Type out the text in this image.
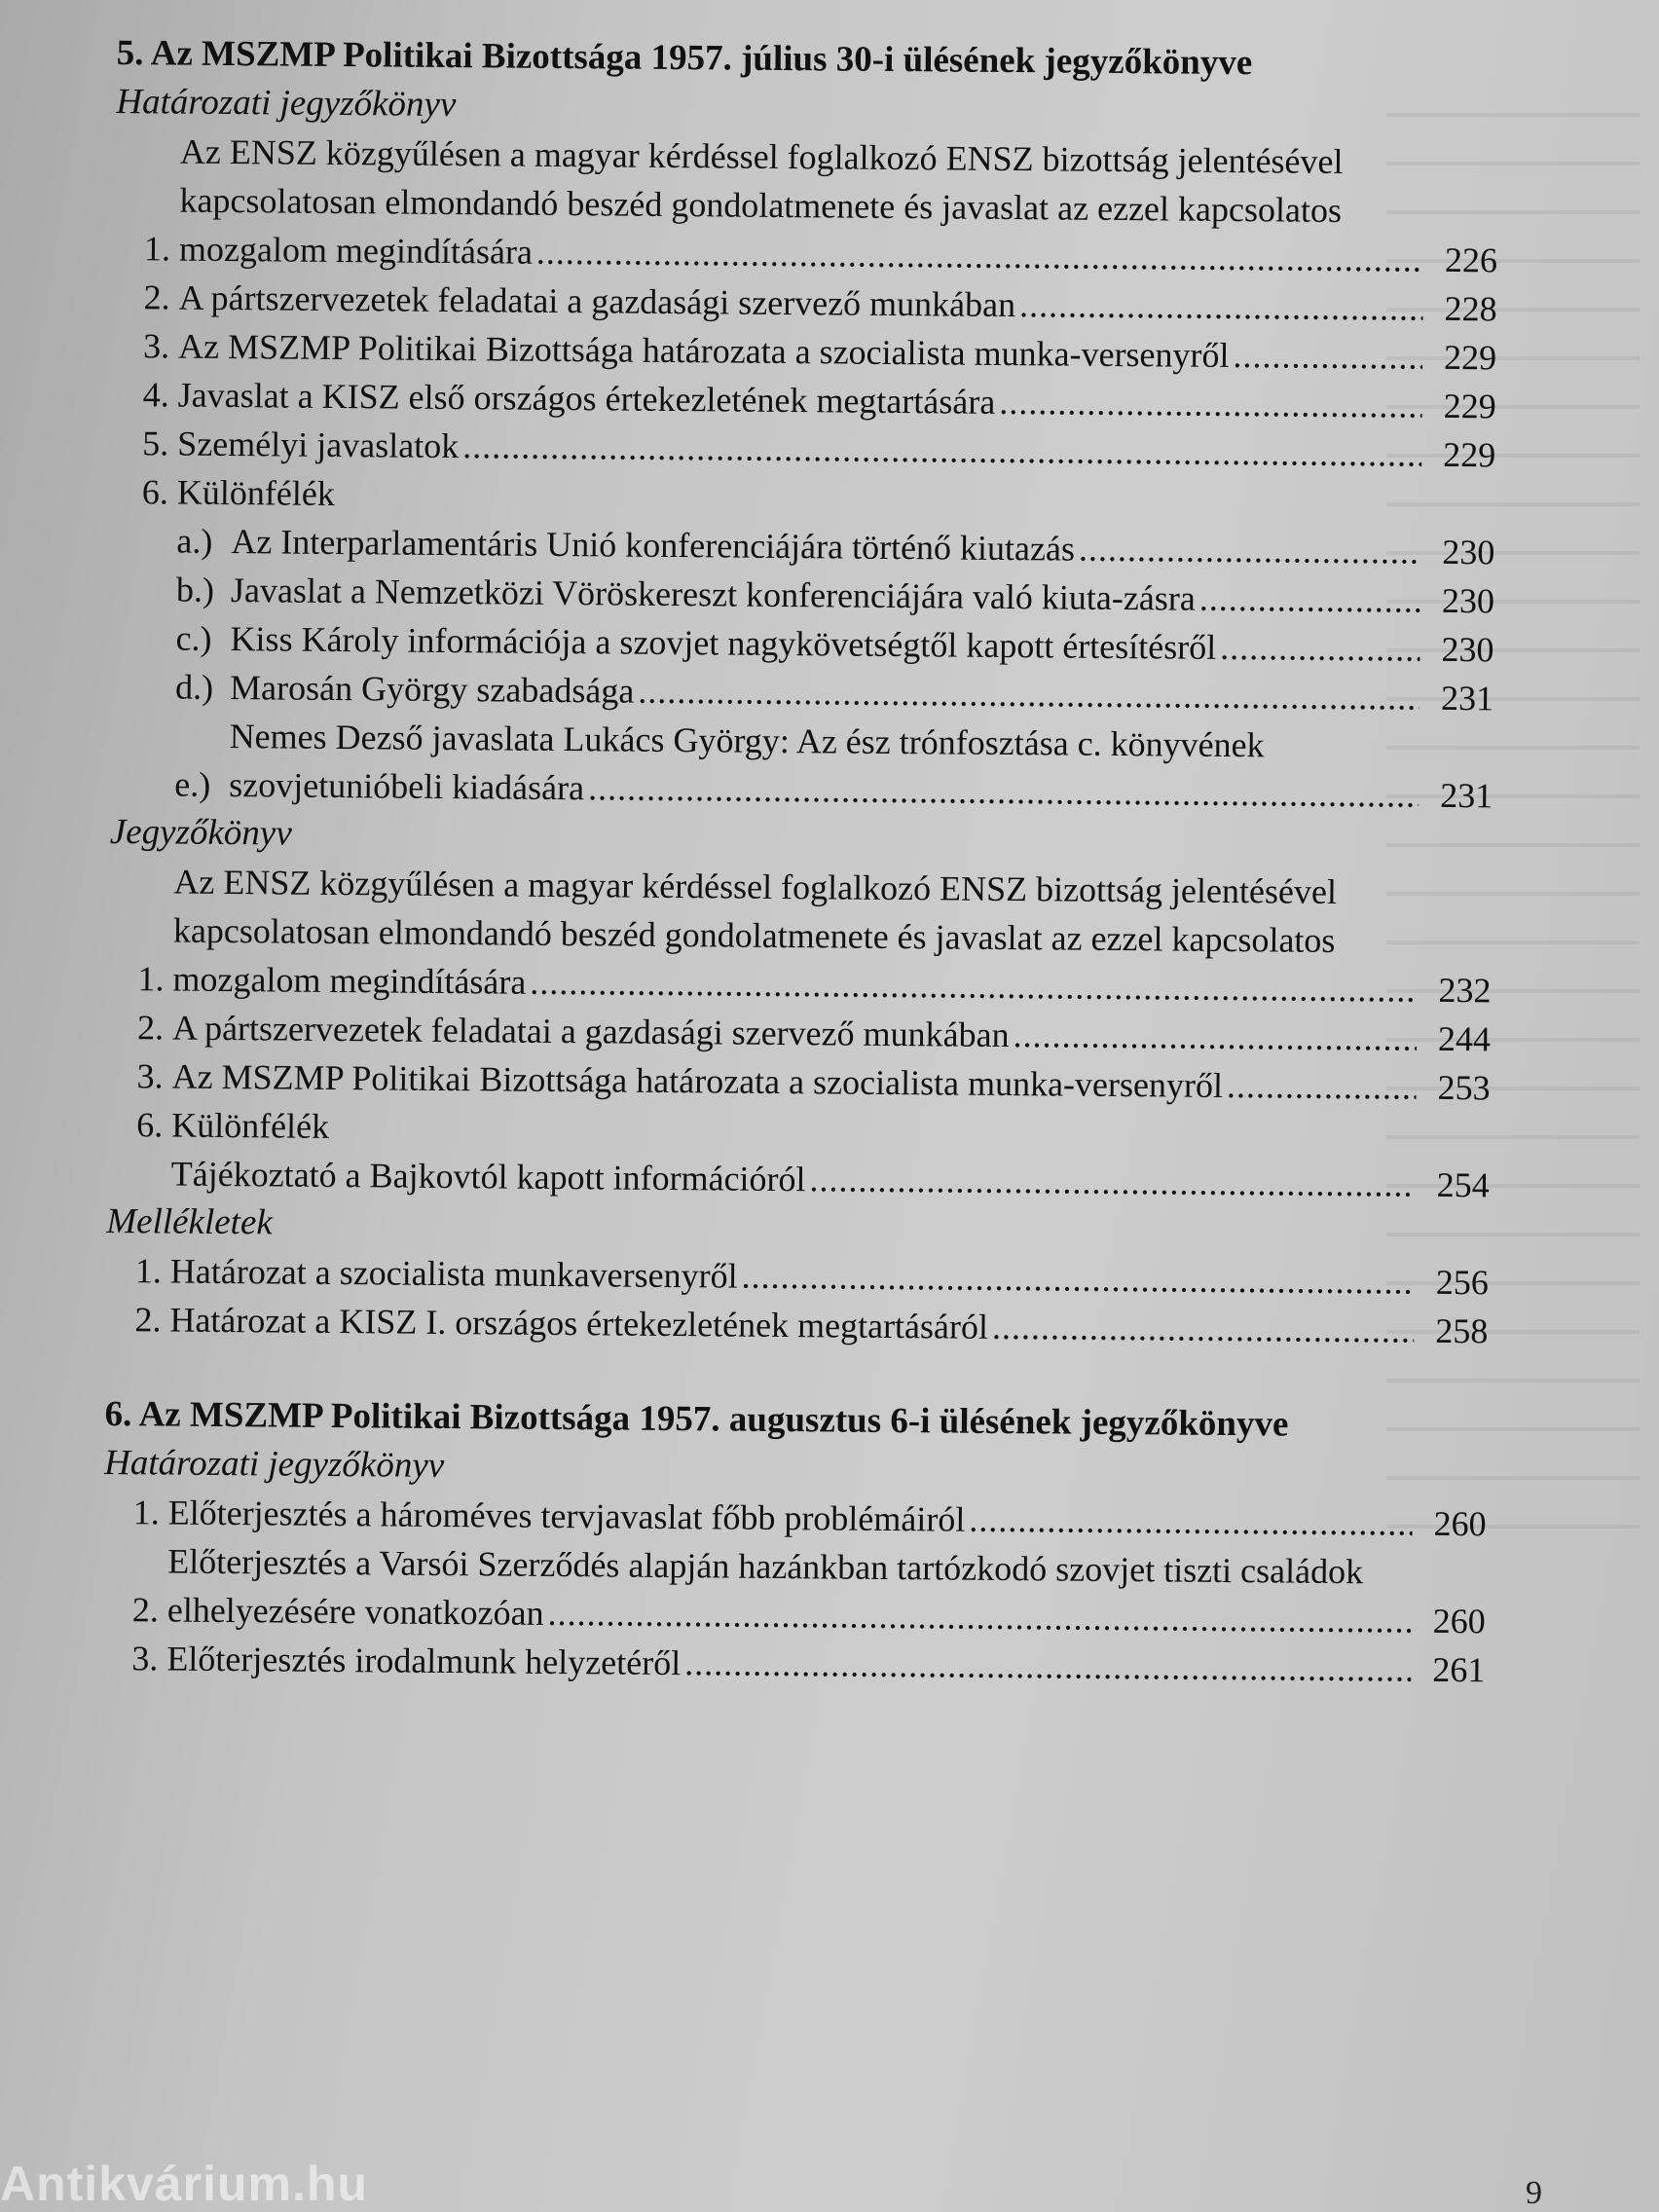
5. Az MSZMP Politikai Bizottsága 1957. július 30-i ülésének jegyzőkönyve
Határozati jegyzőkönyv
1.
Az ENSZ közgyűlésen a magyar kérdéssel foglalkozó ENSZ bizottság jelentésével kapcsolatosan elmondandó beszéd gondolatmenete és javaslat az ezzel kapcsolatos mozgalom megindítására .....	226
2. A pártszervezetek feladatai a gazdasági szervező munkában .....	228
3. Az MSZMP Politikai Bizottsága határozata a szocialista munka-versenyről .....	229
4. Javaslat a KISZ első országos értekezletének megtartására .....	229
5. Személyi javaslatok .....	229
6. Különfélék
a.) Az Interparlamentáris Unió konferenciájára történő kiutazás .....	230
b.) Javaslat a Nemzetközi Vöröskereszt konferenciájára való kiuta-zásra .....	230
c.) Kiss Károly információja a szovjet nagykövetségtől kapott értesítésről .....	230
d.) Marosán György szabadsága .....	231
e.)
Nemes Dezső javaslata Lukács György: Az ész trónfosztása c. könyvének szovjetunióbeli kiadására .....	231
Jegyzőkönyv
1.
Az ENSZ közgyűlésen a magyar kérdéssel foglalkozó ENSZ bizottság jelentésével kapcsolatosan elmondandó beszéd gondolatmenete és javaslat az ezzel kapcsolatos mozgalom megindítására .....	232
2. A pártszervezetek feladatai a gazdasági szervező munkában .....	244
3. Az MSZMP Politikai Bizottsága határozata a szocialista munka-versenyről .....	253
6. Különfélék
Tájékoztató a Bajkovtól kapott információról .....	254
Mellékletek
1. Határozat a szocialista munkaversenyről .....	256
2. Határozat a KISZ I. országos értekezletének megtartásáról .....	258
6. Az MSZMP Politikai Bizottsága 1957. augusztus 6-i ülésének jegyzőkönyve
Határozati jegyzőkönyv
1. Előterjesztés a hároméves tervjavaslat főbb problémáiról .....	260
2.
Előterjesztés a Varsói Szerződés alapján hazánkban tartózkodó szovjet tiszti családok elhelyezésére vonatkozóan .....	260
3. Előterjesztés irodalmunk helyzetéről .....	261
9
Antikvárium.hu
